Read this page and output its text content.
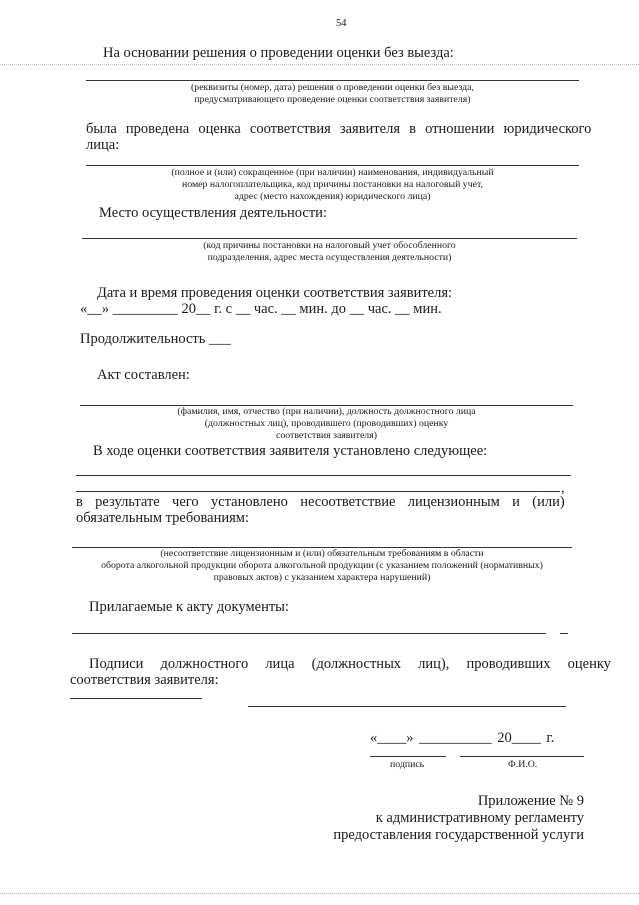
54
На основании решения о проведении оценки без выезда:
(реквизиты (номер, дата) решения о проведении оценки без выезда,
предусматривающего проведение оценки соответствия заявителя)
была проведена оценка соответствия заявителя в отношении юридического
лица:
(полное и (или) сокращенное (при наличии) наименования, индивидуальный
номер налогоплательщика, код причины постановки на налоговый учет,
адрес (место нахождения) юридического лица)
Место осуществления деятельности:
(код причины постановки на налоговый учет обособленного
подразделения, адрес места осуществления деятельности)
Дата и время проведения оценки соответствия заявителя:
«__» _________ 20__ г. с __ час. __ мин. до __ час. __ мин.
Продолжительность ___
Акт составлен:
(фамилия, имя, отчество (при наличии), должность должностного лица
(должностных лиц), проводившего (проводивших) оценку
соответствия заявителя)
В ходе оценки соответствия заявителя установлено следующее:
,
в результате чего установлено несоответствие лицензионным и (или)
обязательным требованиям:
(несоответствие лицензионным и (или) обязательным требованиям в области
оборота алкогольной продукции оборота алкогольной продукции (с указанием положений (нормативных)
правовых актов) с указанием характера нарушений)
Прилагаемые к акту документы:
Подписи должностного лица (должностных лиц), проводивших оценку
соответствия заявителя:
«____» __________ 20____ г.
подпись	Ф.И.О.
Приложение № 9
к административному регламенту
предоставления государственной услуги
